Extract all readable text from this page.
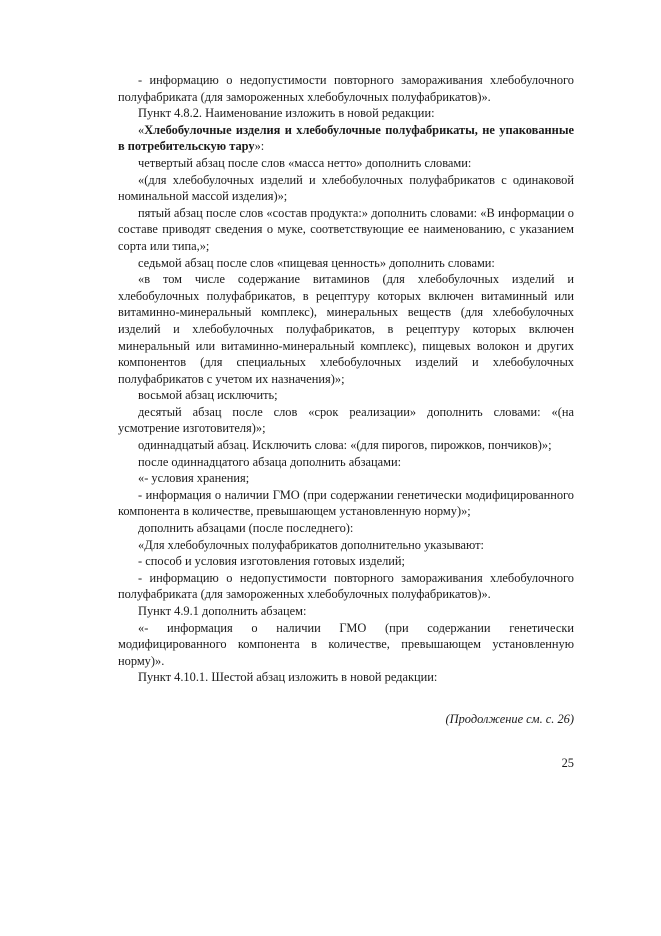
- информацию о недопустимости повторного замораживания хлебобулочного полуфабриката (для замороженных хлебобулочных полуфабрикатов)».

Пункт 4.8.2. Наименование изложить в новой редакции:

«Хлебобулочные изделия и хлебобулочные полуфабрикаты, не упакованные в потребительскую тару»:

четвертый абзац после слов «масса нетто» дополнить словами:

«(для хлебобулочных изделий и хлебобулочных полуфабрикатов с одинаковой номинальной массой изделия)»;

пятый абзац после слов «состав продукта:» дополнить словами: «В информации о составе приводят сведения о муке, соответствующие ее наименованию, с указанием сорта или типа,»;

седьмой абзац после слов «пищевая ценность» дополнить словами:

«в том числе содержание витаминов (для хлебобулочных изделий и хлебобулочных полуфабрикатов, в рецептуру которых включен витаминный или витаминно-минеральный комплекс), минеральных веществ (для хлебобулочных изделий и хлебобулочных полуфабрикатов, в рецептуру которых включен минеральный или витаминно-минеральный комплекс), пищевых волокон и других компонентов (для специальных хлебобулочных изделий и хлебобулочных полуфабрикатов с учетом их назначения)»;

восьмой абзац исключить;

десятый абзац после слов «срок реализации» дополнить словами: «(на усмотрение изготовителя)»;

одиннадцатый абзац. Исключить слова: «(для пирогов, пирожков, пончиков)»;

после одиннадцатого абзаца дополнить абзацами:

«- условия хранения;

- информация о наличии ГМО (при содержании генетически модифицированного компонента в количестве, превышающем установленную норму)»;

дополнить абзацами (после последнего):

«Для хлебобулочных полуфабрикатов дополнительно указывают:

- способ и условия изготовления готовых изделий;

- информацию о недопустимости повторного замораживания хлебобулочного полуфабриката (для замороженных хлебобулочных полуфабрикатов)».

Пункт 4.9.1 дополнить абзацем:

«- информация о наличии ГМО (при содержании генетически модифицированного компонента в количестве, превышающем установленную норму)».

Пункт 4.10.1. Шестой абзац изложить в новой редакции:

(Продолжение см. с. 26)
25
